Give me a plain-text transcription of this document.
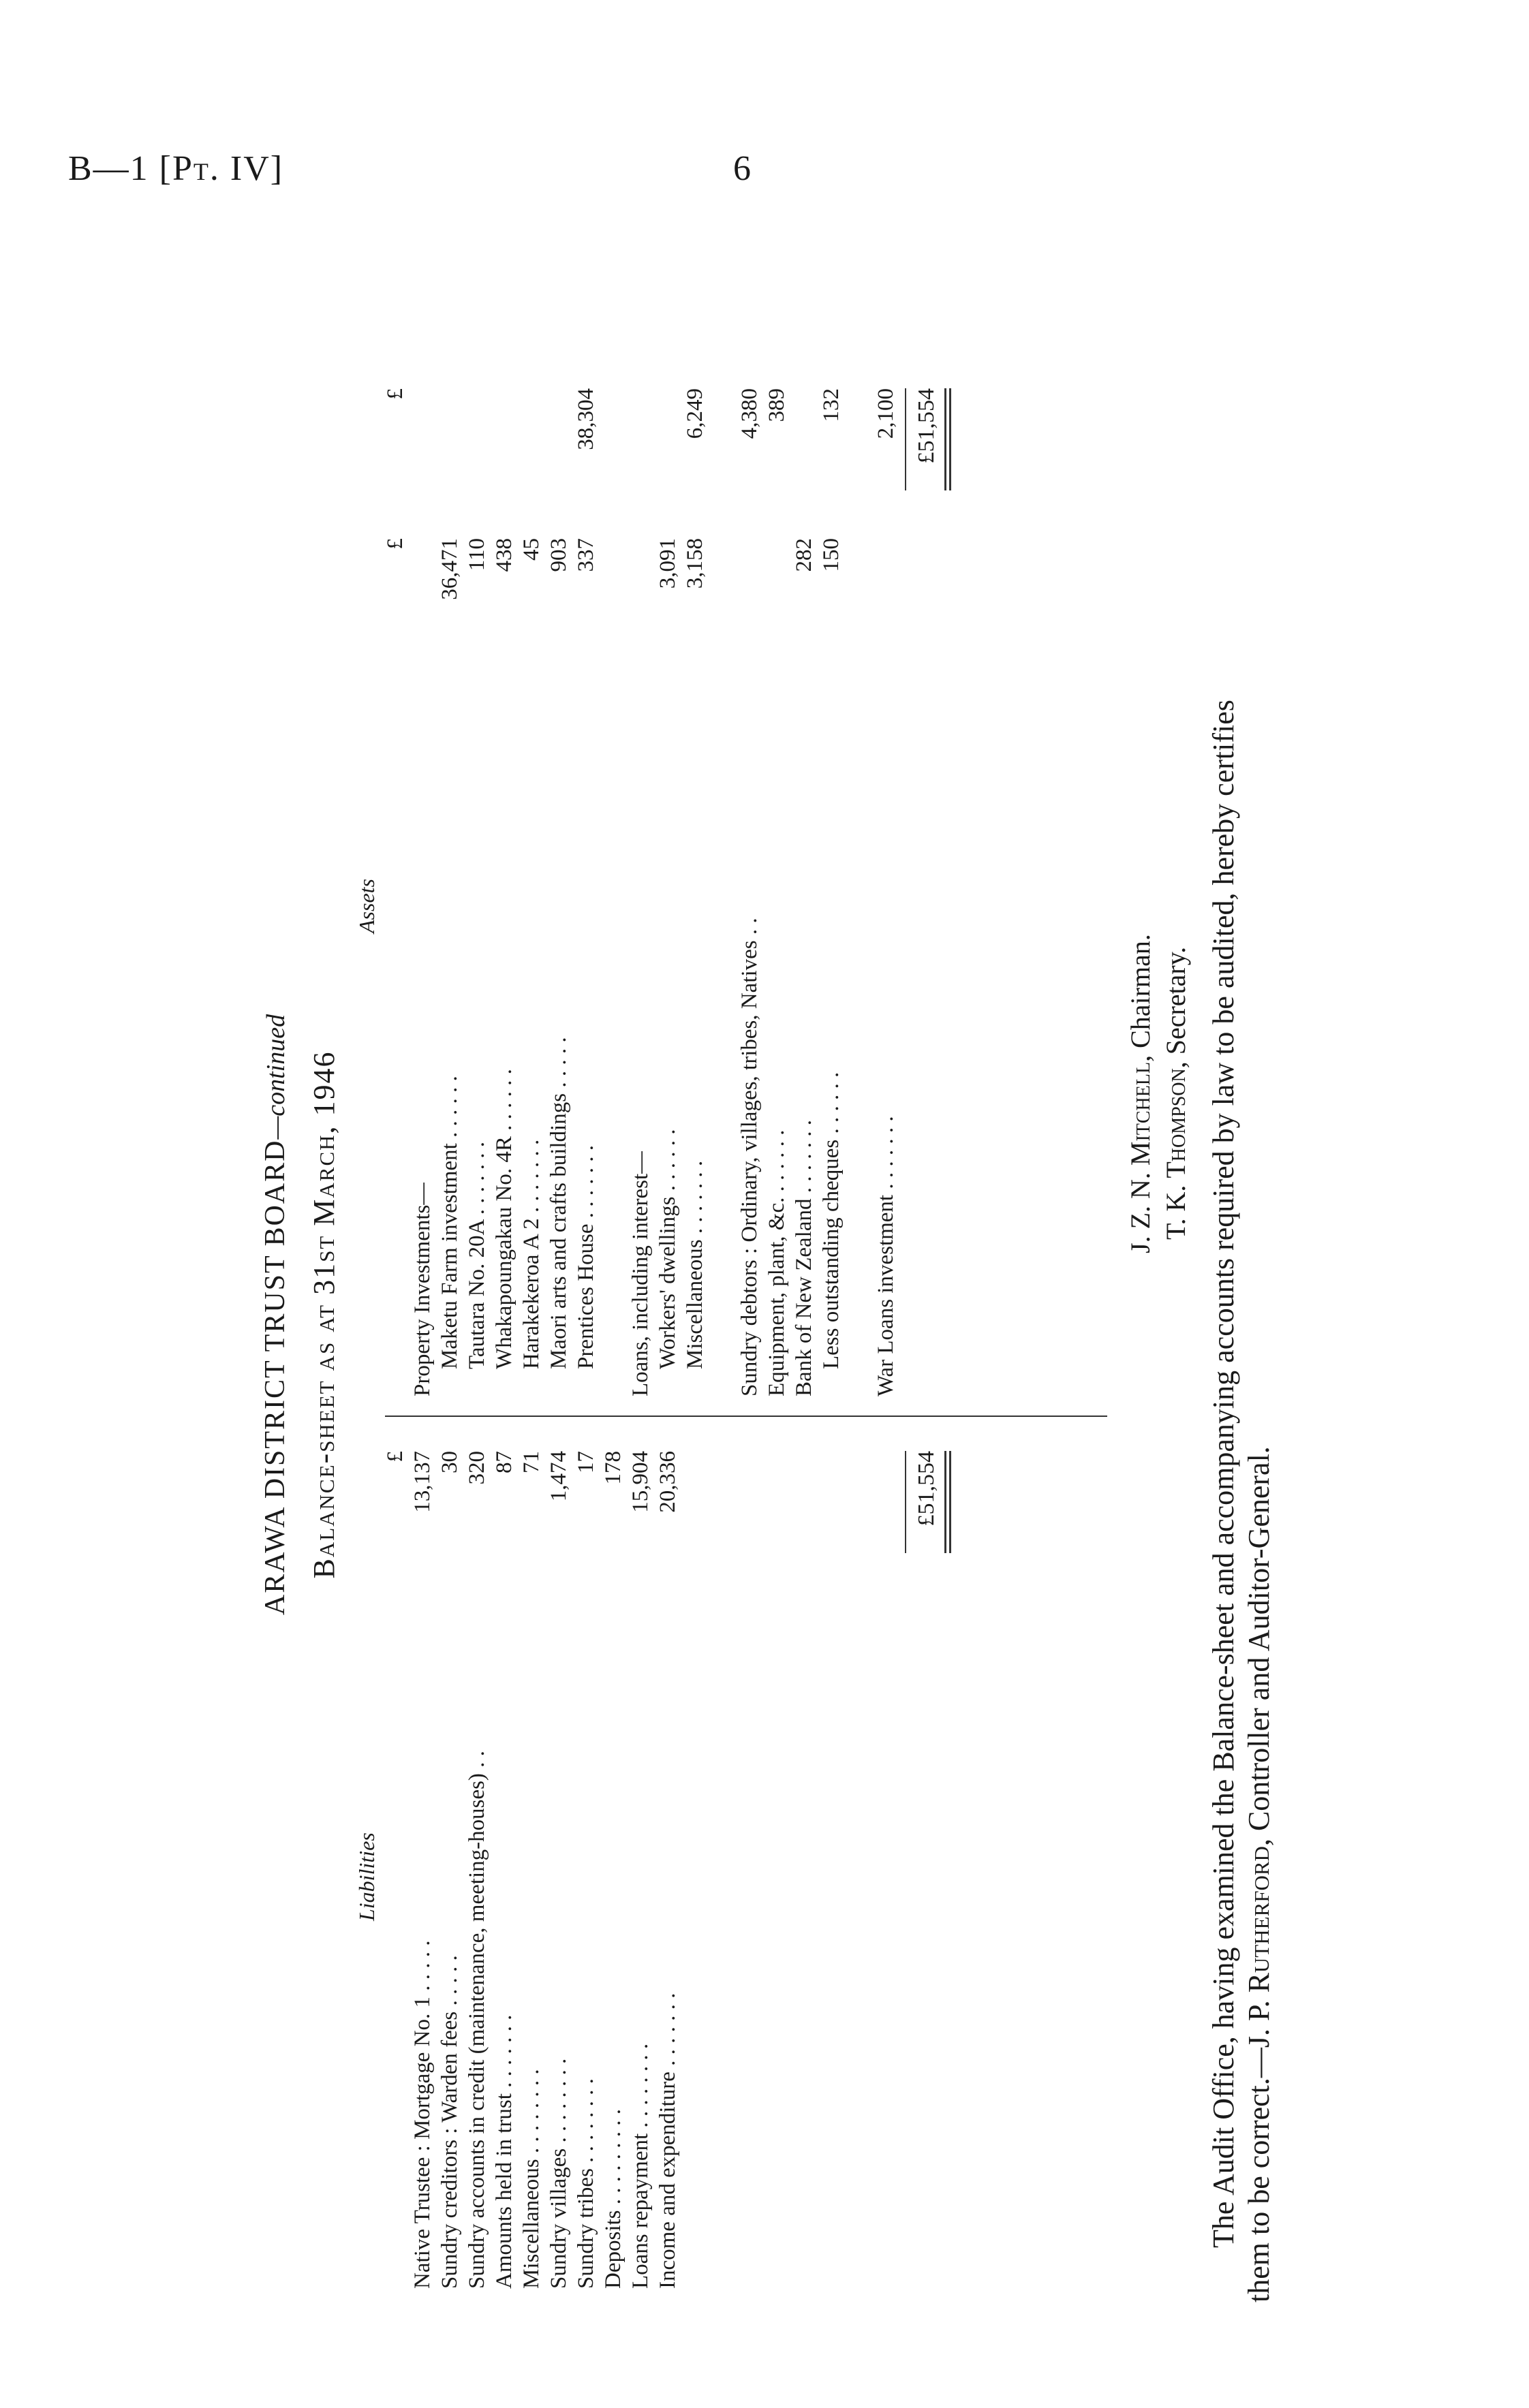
B—1 [Pt. IV]	6
ARAWA DISTRICT TRUST BOARD—continued Balance-sheet as at 31st March, 1946
Liabilities
Assets
£
Native Trustee : Mortgage No. 1 . . . . .
13,137
Sundry creditors : Warden fees . . . . .
30
Sundry accounts in credit (maintenance, meeting-houses) . .
320
Amounts held in trust . . . . . . .
87
Miscellaneous . . . . . . . .
71
Sundry villages . . . . . . . .
1,474
Sundry tribes . . . . . . . .
17
Deposits . . . . . . . . .
178
Loans repayment . . . . . . . .
15,904
Income and expenditure . . . . . . .
20,336	£51,554
£
£
Property Investments— Maketu Farm investment . . . . . .
36,471
Tautara No. 20A . . . . . . .
110
Whakapoungakau No. 4R . . . . . .
438
Harakekeroa A 2 . . . . . . .
45
Maori arts and crafts buildings . . . . .
903
Prentices House . . . . . . .
337
38,304
Loans, including interest— Workers' dwellings . . . . . .
3,091
Miscellaneous . . . . . . .
3,158
6,249
Sundry debtors : Ordinary, villages, tribes, Natives . .
4,380
Equipment, plant, &c. . . . . . .
389
Bank of New Zealand . . . . . . .
282
Less outstanding cheques . . . . . .
150
132
War Loans investment . . . . . . .
2,100 £51,554
J. Z. N. Mitchell, Chairman.
T. K. Thompson, Secretary. The Audit Office, having examined the Balance-sheet and accompanying accounts required by law to be audited, hereby certifies them to be correct.—J. P. Rutherford, Controller and Auditor-General.
